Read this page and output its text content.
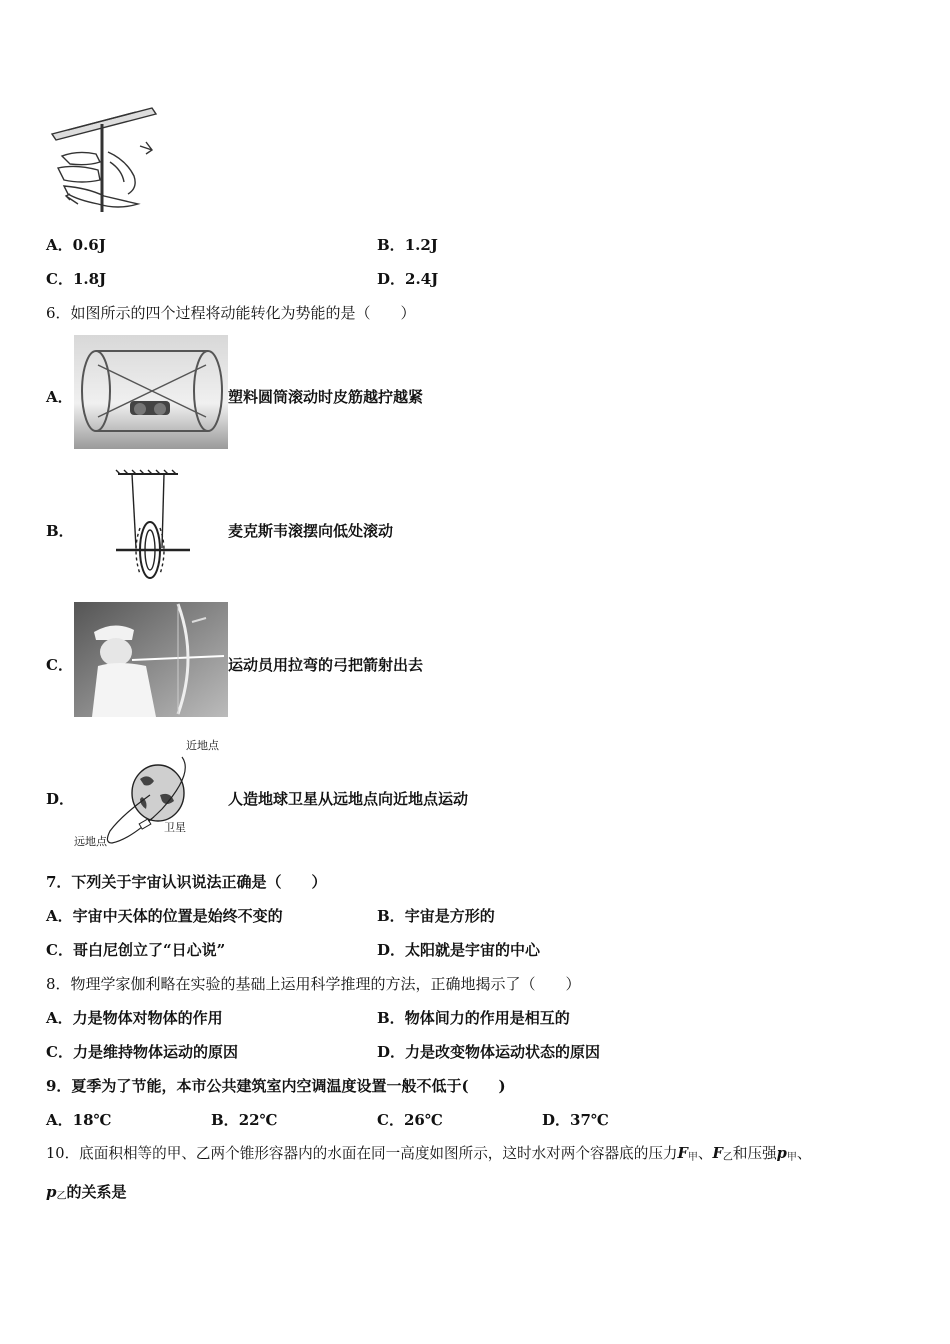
A．0.6J	B．1.2J
C．1.8J	D．2.4J
6．如图所示的四个过程将动能转化为势能的是（　　）
A．	塑料圆筒滚动时皮筋越拧越紧
B．	麦克斯韦滚摆向低处滚动
C．	运动员用拉弯的弓把箭射出去
D．
近地点
卫星
远地点
人造地球卫星从远地点向近地点运动
7．下列关于宇宙认识说法正确是（　　）
A．宇宙中天体的位置是始终不变的	B．宇宙是方形的
C．哥白尼创立了“日心说”	D．太阳就是宇宙的中心
8．物理学家伽利略在实验的基础上运用科学推理的方法，正确地揭示了（　　）
A．力是物体对物体的作用	B．物体间力的作用是相互的
C．力是维持物体运动的原因	D．力是改变物体运动状态的原因
9．夏季为了节能，本市公共建筑室内空调温度设置一般不低于(　　)
A．18℃	B．22℃	C．26℃	D．37℃
10．底面积相等的甲、乙两个锥形容器内的水面在同一高度如图所示，这时水对两个容器底的压力$F_甲$、$F_乙$和压强$p_甲$、
$p_乙$的关系是
